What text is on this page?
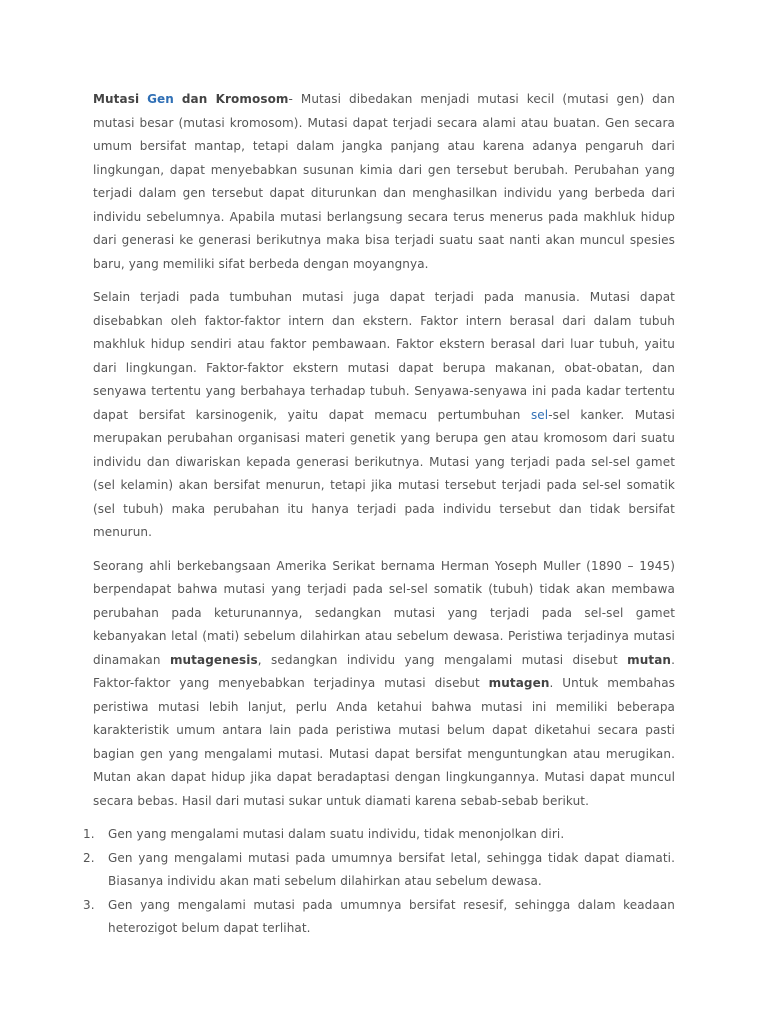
Mutasi Gen dan Kromosom- Mutasi dibedakan menjadi mutasi kecil (mutasi gen) dan mutasi besar (mutasi kromosom). Mutasi dapat terjadi secara alami atau buatan. Gen secara umum bersifat mantap, tetapi dalam jangka panjang atau karena adanya pengaruh dari lingkungan, dapat menyebabkan susunan kimia dari gen tersebut berubah. Perubahan yang terjadi dalam gen tersebut dapat diturunkan dan menghasilkan individu yang berbeda dari individu sebelumnya. Apabila mutasi berlangsung secara terus menerus pada makhluk hidup dari generasi ke generasi berikutnya maka bisa terjadi suatu saat nanti akan muncul spesies baru, yang memiliki sifat berbeda dengan moyangnya.

Selain terjadi pada tumbuhan mutasi juga dapat terjadi pada manusia. Mutasi dapat disebabkan oleh faktor-faktor intern dan ekstern. Faktor intern berasal dari dalam tubuh makhluk hidup sendiri atau faktor pembawaan. Faktor ekstern berasal dari luar tubuh, yaitu dari lingkungan. Faktor-faktor ekstern mutasi dapat berupa makanan, obat-obatan, dan senyawa tertentu yang berbahaya terhadap tubuh. Senyawa-senyawa ini pada kadar tertentu dapat bersifat karsinogenik, yaitu dapat memacu pertumbuhan sel-sel kanker. Mutasi merupakan perubahan organisasi materi genetik yang berupa gen atau kromosom dari suatu individu dan diwariskan kepada generasi berikutnya. Mutasi yang terjadi pada sel-sel gamet (sel kelamin) akan bersifat menurun, tetapi jika mutasi tersebut terjadi pada sel-sel somatik (sel tubuh) maka perubahan itu hanya terjadi pada individu tersebut dan tidak bersifat menurun.

Seorang ahli berkebangsaan Amerika Serikat bernama Herman Yoseph Muller (1890 – 1945) berpendapat bahwa mutasi yang terjadi pada sel-sel somatik (tubuh) tidak akan membawa perubahan pada keturunannya, sedangkan mutasi yang terjadi pada sel-sel gamet kebanyakan letal (mati) sebelum dilahirkan atau sebelum dewasa. Peristiwa terjadinya mutasi dinamakan mutagenesis, sedangkan individu yang mengalami mutasi disebut mutan. Faktor-faktor yang menyebabkan terjadinya mutasi disebut mutagen. Untuk membahas peristiwa mutasi lebih lanjut, perlu Anda ketahui bahwa mutasi ini memiliki beberapa karakteristik umum antara lain pada peristiwa mutasi belum dapat diketahui secara pasti bagian gen yang mengalami mutasi. Mutasi dapat bersifat menguntungkan atau merugikan. Mutan akan dapat hidup jika dapat beradaptasi dengan lingkungannya. Mutasi dapat muncul secara bebas. Hasil dari mutasi sukar untuk diamati karena sebab-sebab berikut.

1. Gen yang mengalami mutasi dalam suatu individu, tidak menonjolkan diri.
2. Gen yang mengalami mutasi pada umumnya bersifat letal, sehingga tidak dapat diamati. Biasanya individu akan mati sebelum dilahirkan atau sebelum dewasa.
3. Gen yang mengalami mutasi pada umumnya bersifat resesif, sehingga dalam keadaan heterozigot belum dapat terlihat.
